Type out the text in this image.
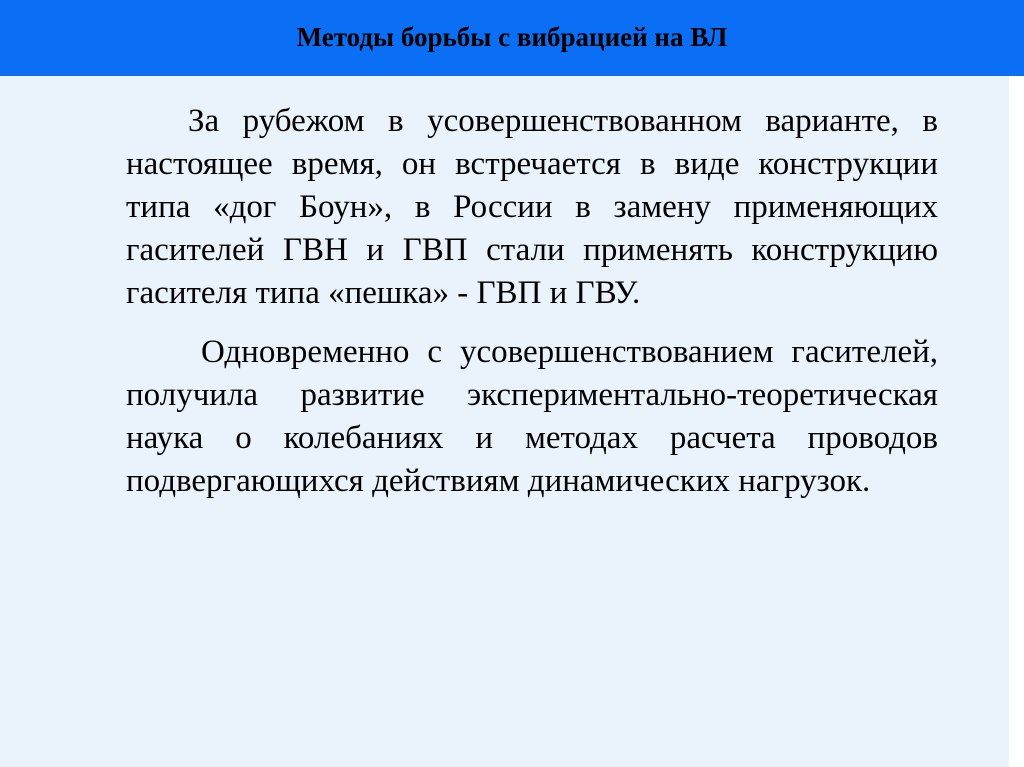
Методы борьбы с вибрацией на ВЛ

За рубежом в усовершенствованном варианте, в настоящее время, он встречается в виде конструкции типа «дог Боун», в России в замену применяющих гасителей ГВН и ГВП стали применять конструкцию гасителя типа «пешка» - ГВП и ГВУ.

Одновременно с усовершенствованием гасителей, получила развитие экспериментально-теоретическая наука о колебаниях и методах расчета проводов подвергающихся действиям динамических нагрузок.
